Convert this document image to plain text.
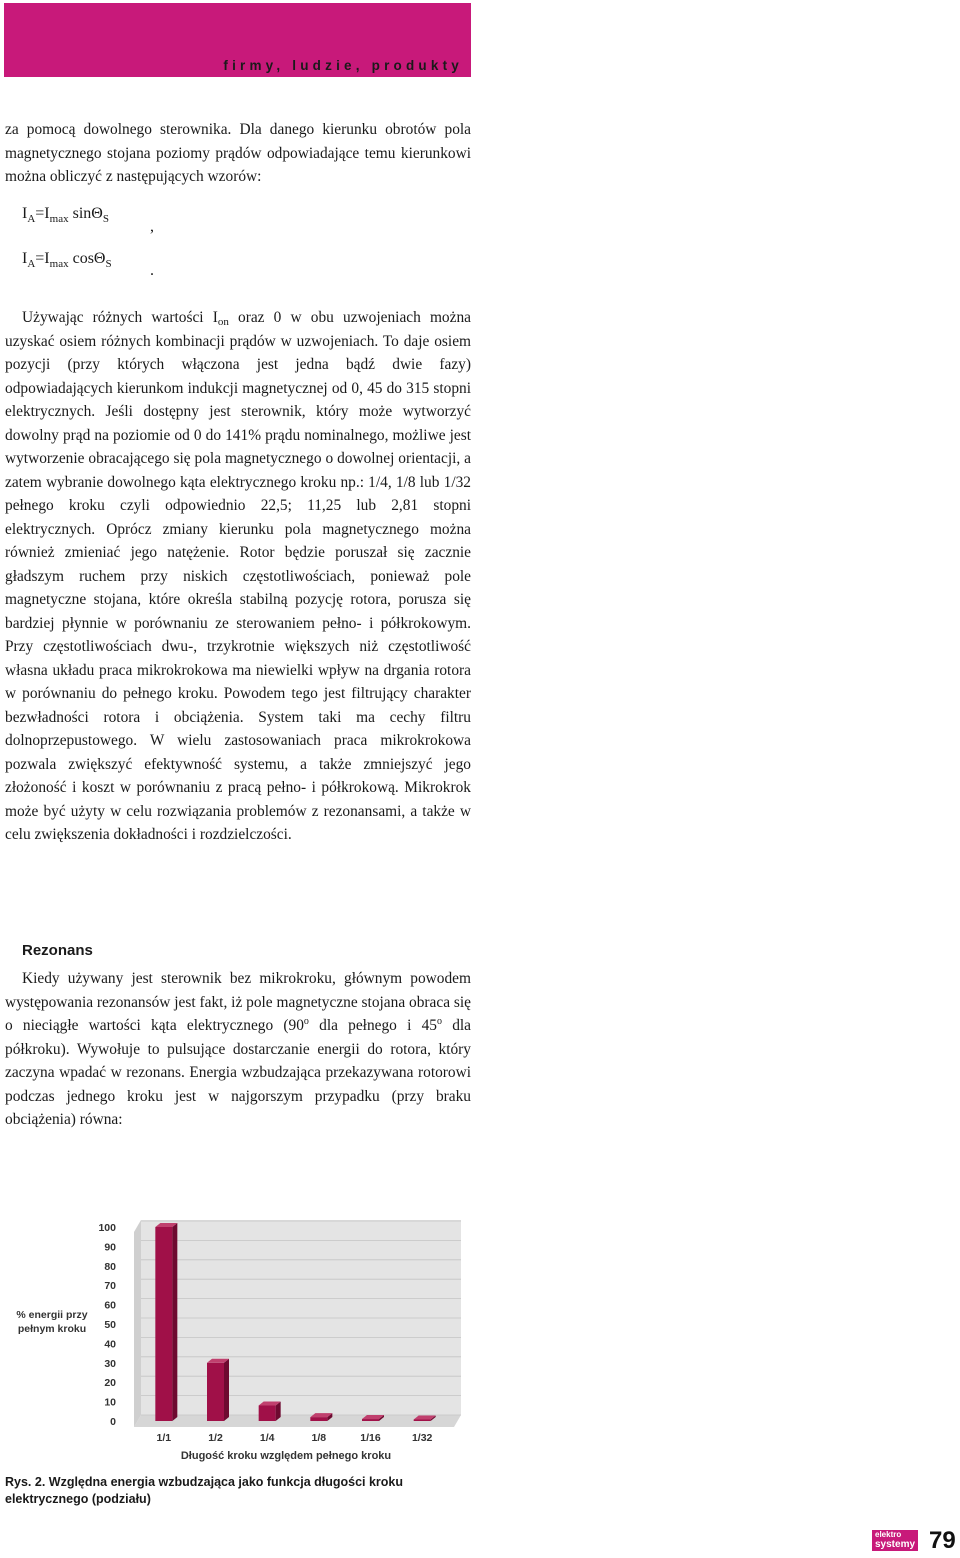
firmy, ludzie, produkty
za pomocą dowolnego sterownika. Dla danego kierunku obrotów pola magnetycznego stojana poziomy prądów odpowiadające temu kierunkowi można obliczyć z następujących wzorów:
$I_A=I_{max}$ sinΘ$_S$	,
$I_A=I_{max}$ cosΘ$_S$ .
Używając różnych wartości $I_{on}$ oraz 0 w obu uzwojeniach można uzyskać osiem różnych kombinacji prądów w uzwojeniach. To daje osiem pozycji (przy których włączona jest jedna bądź dwie fazy) odpowiadających kierunkom indukcji magnetycznej od 0, 45 do 315 stopni elektrycznych. Jeśli dostępny jest sterownik, który może wytworzyć dowolny prąd na poziomie od 0 do 141% prądu nominalnego, możliwe jest wytworzenie obracającego się pola magnetycznego o dowolnej orientacji, a zatem wybranie dowolnego kąta elektrycznego kroku np.: 1/4, 1/8 lub 1/32 pełnego kroku czyli odpowiednio 22,5; 11,25 lub 2,81 stopni elektrycznych. Oprócz zmiany kierunku pola magnetycznego można również zmieniać jego natężenie. Rotor będzie poruszał się zacznie gładszym ruchem przy niskich częstotliwościach, ponieważ pole magnetyczne stojana, które określa stabilną pozycję rotora, porusza się bardziej płynnie w porównaniu ze sterowaniem pełno- i półkrokowym. Przy częstotliwościach dwu-, trzykrotnie większych niż częstotliwość własna układu praca mikrokrokowa ma niewielki wpływ na drgania rotora w porównaniu do pełnego kroku. Powodem tego jest filtrujący charakter bezwładności rotora i obciążenia. System taki ma cechy filtru dolnoprzepustowego. W wielu zastosowaniach praca mikrokrokowa pozwala zwiększyć efektywność systemu, a także zmniejszyć jego złożoność i koszt w porównaniu z pracą pełno- i półkrokową. Mikrokrok może być użyty w celu rozwiązania problemów z rezonansami, a także w celu zwiększenia dokładności i rozdzielczości.
Rezonans
Kiedy używany jest sterownik bez mikrokroku, głównym powodem występowania rezonansów jest fakt, iż pole magnetyczne stojana obraca się o nieciągłe wartości kąta elektrycznego (90$^o$ dla pełnego i 45$^o$ dla półkroku). Wywołuje to pulsujące dostarczanie energii do rotora, który zaczyna wpadać w rezonans. Energia wzbudzająca przekazywana rotorowi podczas jednego kroku jest w najgorszym przypadku (przy braku obciążenia) równa:
100
90
80
70
60
50
40
30
20
10
0
1/1	1/2	1/4	1/8	1/16	1/32
% energii przy
pełnym kroku
Długość kroku względem pełnego kroku
Rys. 2. Względna energia wzbudzająca jako funkcja długości kroku elektrycznego (podziału)
elektro
systemy 79
